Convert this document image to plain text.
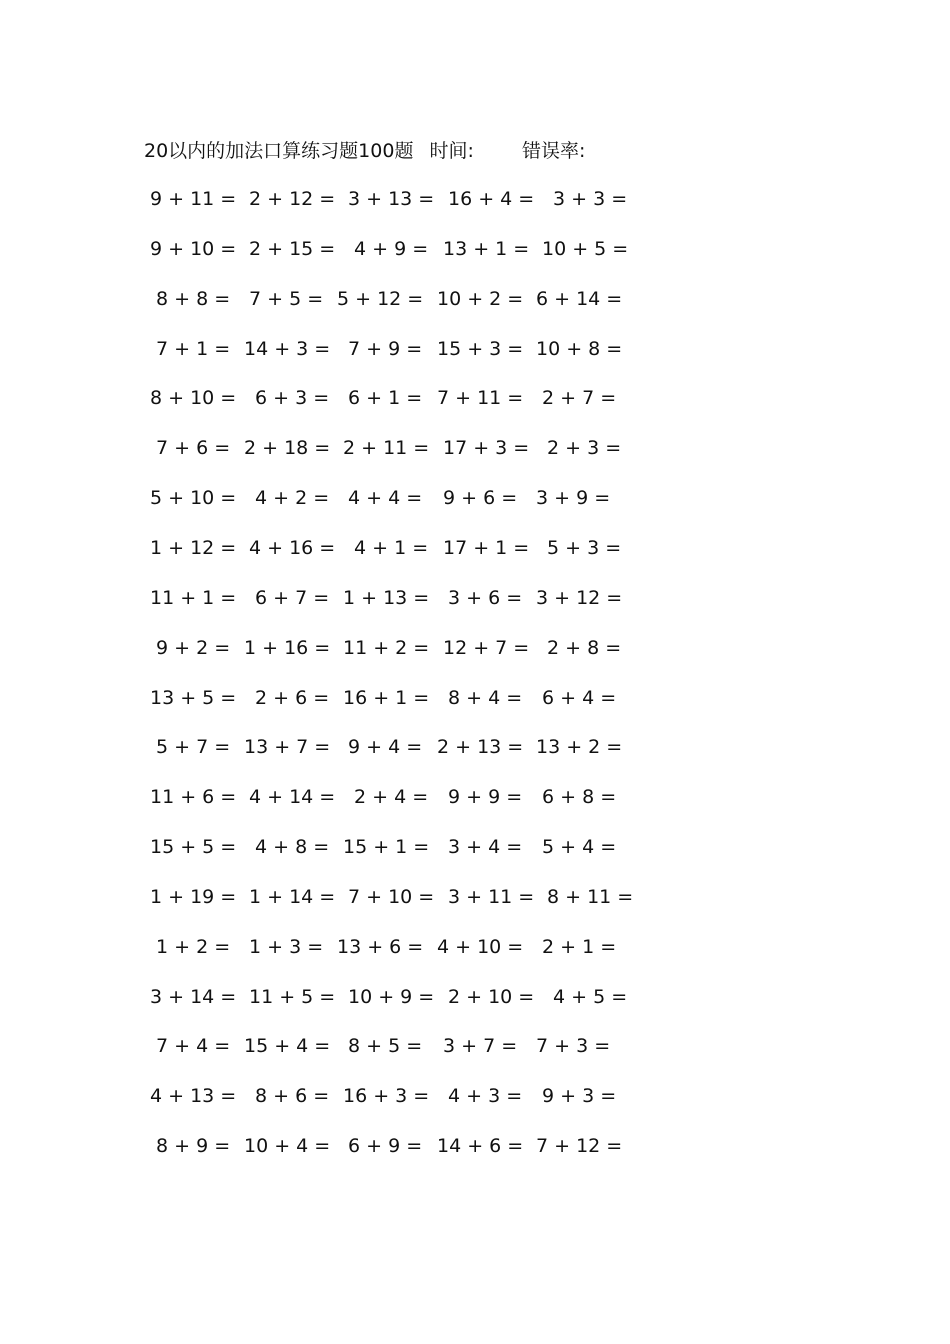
20以内的加法口算练习题100题 时间:	错误率:
9 + 11 = 2 + 12 = 3 + 13 = 16 + 4 = 3 + 3 =
9 + 10 = 2 + 15 = 4 + 9 = 13 + 1 = 10 + 5 =
8 + 8 = 7 + 5 = 5 + 12 = 10 + 2 = 6 + 14 =
7 + 1 = 14 + 3 = 7 + 9 = 15 + 3 = 10 + 8 =
8 + 10 = 6 + 3 = 6 + 1 = 7 + 11 = 2 + 7 =
7 + 6 = 2 + 18 = 2 + 11 = 17 + 3 = 2 + 3 =
5 + 10 = 4 + 2 = 4 + 4 = 9 + 6 = 3 + 9 =
1 + 12 = 4 + 16 = 4 + 1 = 17 + 1 = 5 + 3 =
11 + 1 = 6 + 7 = 1 + 13 = 3 + 6 = 3 + 12 =
9 + 2 = 1 + 16 = 11 + 2 = 12 + 7 = 2 + 8 =
13 + 5 = 2 + 6 = 16 + 1 = 8 + 4 = 6 + 4 =
5 + 7 = 13 + 7 = 9 + 4 = 2 + 13 = 13 + 2 =
11 + 6 = 4 + 14 = 2 + 4 = 9 + 9 = 6 + 8 =
15 + 5 = 4 + 8 = 15 + 1 = 3 + 4 = 5 + 4 =
1 + 19 = 1 + 14 = 7 + 10 = 3 + 11 = 8 + 11 =
1 + 2 = 1 + 3 = 13 + 6 = 4 + 10 = 2 + 1 =
3 + 14 = 11 + 5 = 10 + 9 = 2 + 10 = 4 + 5 =
7 + 4 = 15 + 4 = 8 + 5 = 3 + 7 = 7 + 3 =
4 + 13 = 8 + 6 = 16 + 3 = 4 + 3 = 9 + 3 =
8 + 9 = 10 + 4 = 6 + 9 = 14 + 6 = 7 + 12 =
